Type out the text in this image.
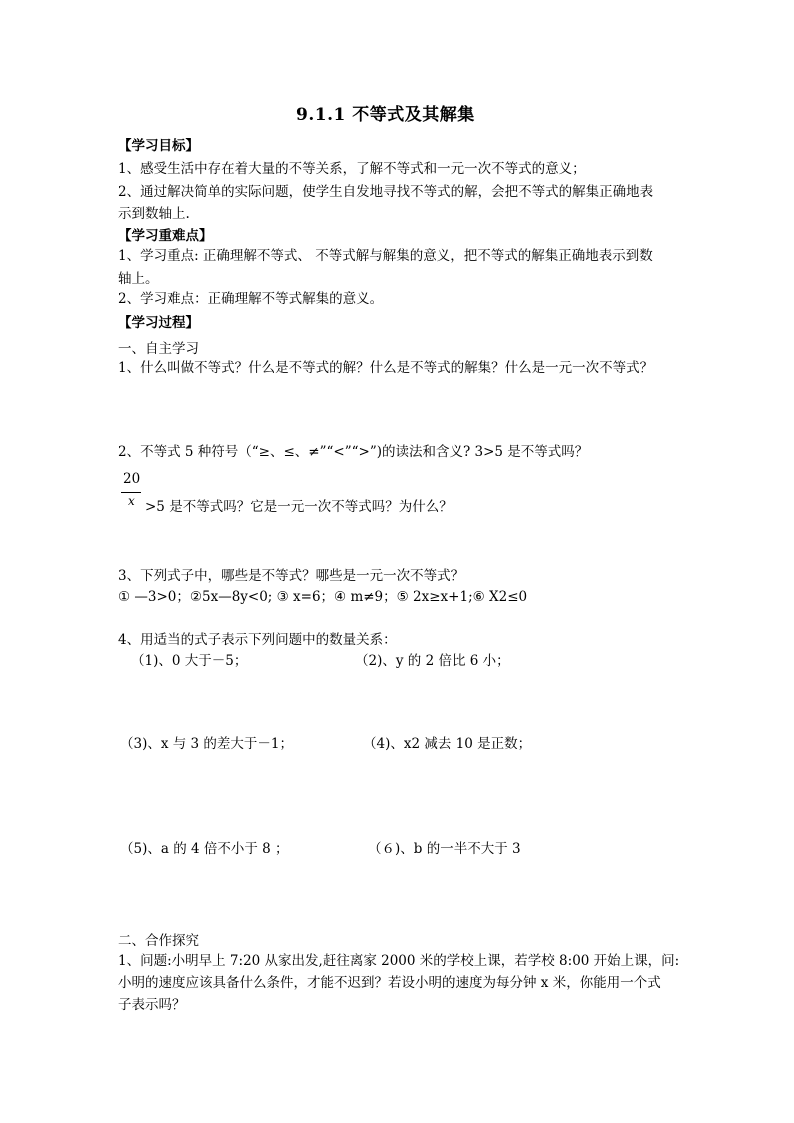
9.1.1 不等式及其解集
【学习目标】
1、感受生活中存在着大量的不等关系，了解不等式和一元一次不等式的意义；
2、通过解决简单的实际问题，使学生自发地寻找不等式的解，会把不等式的解集正确地表
示到数轴上.
【学习重难点】
1、学习重点: 正确理解不等式、 不等式解与解集的意义，把不等式的解集正确地表示到数
轴上。
2、学习难点：正确理解不等式解集的意义。
【学习过程】
一、自主学习
1、什么叫做不等式？什么是不等式的解？什么是不等式的解集？什么是一元一次不等式？
2、不等式 5 种符号（“≥、≤、≠”“<”“>”)的读法和含义? 3>5 是不等式吗？
20
x >5 是不等式吗？它是一元一次不等式吗？为什么？
3、下列式子中，哪些是不等式？哪些是一元一次不等式？
① —3>0；②5x—8y<0; ③ x=6；④ m≠9；⑤ 2x≥x+1;⑥ X2≤0
4、用适当的式子表示下列问题中的数量关系：
（1)、0 大于－5；	（2)、y 的 2 倍比 6 小；
（3)、x 与 3 的差大于－1；	（4)、x2 减去 10 是正数；
（5)、a 的 4 倍不小于 8 ；	（６)、b 的一半不大于 3
二、合作探究
1、问题:小明早上 7:20 从家出发,赶往离家 2000 米的学校上课，若学校 8:00 开始上课，问:
小明的速度应该具备什么条件，才能不迟到？若设小明的速度为每分钟 x 米，你能用一个式
子表示吗？
